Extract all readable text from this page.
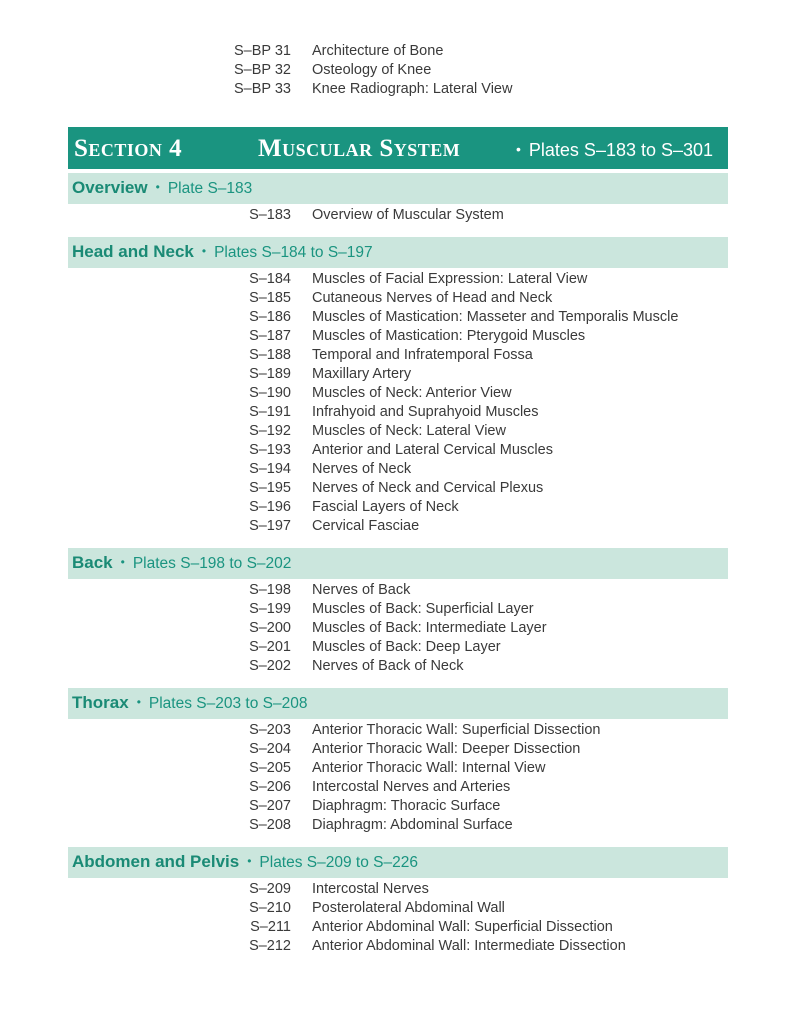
S–BP 31 Architecture of Bone
S–BP 32 Osteology of Knee
S–BP 33 Knee Radiograph: Lateral View
Section 4	Muscular System	• Plates S–183 to S–301
Overview • Plate S–183
S–183 Overview of Muscular System
Head and Neck • Plates S–184 to S–197
S–184 Muscles of Facial Expression: Lateral View
S–185 Cutaneous Nerves of Head and Neck
S–186 Muscles of Mastication: Masseter and Temporalis Muscle
S–187 Muscles of Mastication: Pterygoid Muscles
S–188 Temporal and Infratemporal Fossa
S–189 Maxillary Artery
S–190 Muscles of Neck: Anterior View
S–191 Infrahyoid and Suprahyoid Muscles
S–192 Muscles of Neck: Lateral View
S–193 Anterior and Lateral Cervical Muscles
S–194 Nerves of Neck
S–195 Nerves of Neck and Cervical Plexus
S–196 Fascial Layers of Neck
S–197 Cervical Fasciae
Back • Plates S–198 to S–202
S–198 Nerves of Back
S–199 Muscles of Back: Superficial Layer
S–200 Muscles of Back: Intermediate Layer
S–201 Muscles of Back: Deep Layer
S–202 Nerves of Back of Neck
Thorax • Plates S–203 to S–208
S–203 Anterior Thoracic Wall: Superficial Dissection
S–204 Anterior Thoracic Wall: Deeper Dissection
S–205 Anterior Thoracic Wall: Internal View
S–206 Intercostal Nerves and Arteries
S–207 Diaphragm: Thoracic Surface
S–208 Diaphragm: Abdominal Surface
Abdomen and Pelvis • Plates S–209 to S–226
S–209 Intercostal Nerves
S–210 Posterolateral Abdominal Wall
S–211 Anterior Abdominal Wall: Superficial Dissection
S–212 Anterior Abdominal Wall: Intermediate Dissection
